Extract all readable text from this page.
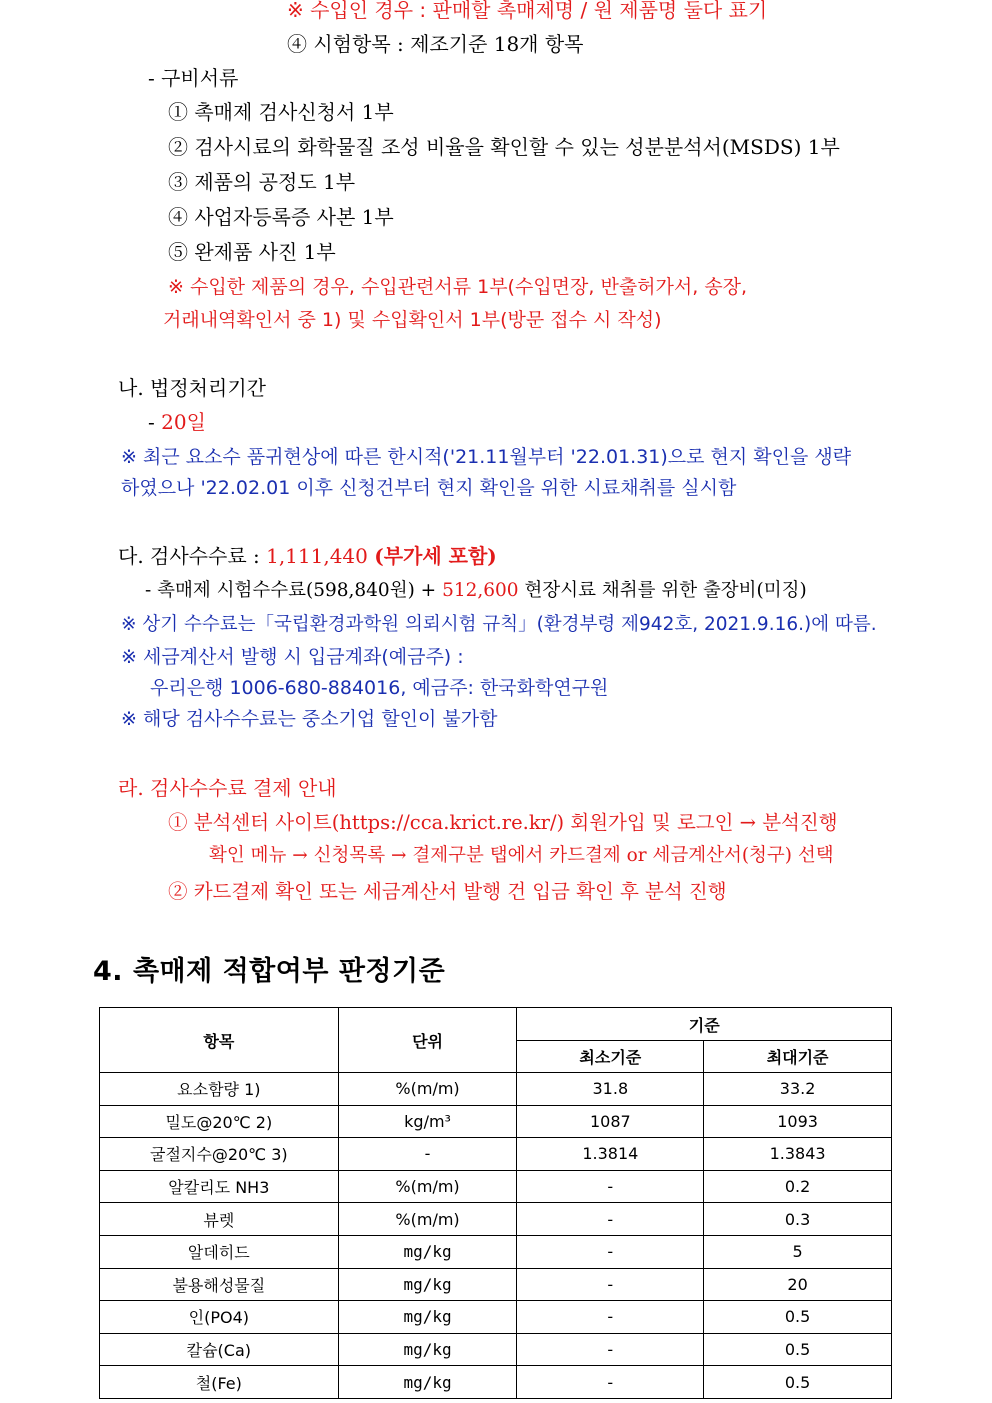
※ 수입인 경우 : 판매할 촉매제명 / 원 제품명 둘다 표기
④ 시험항목 : 제조기준 18개 항목
- 구비서류
① 촉매제 검사신청서 1부
② 검사시료의 화학물질 조성 비율을 확인할 수 있는 성분분석서(MSDS) 1부
③ 제품의 공정도 1부
④ 사업자등록증 사본 1부
⑤ 완제품 사진 1부
※ 수입한 제품의 경우, 수입관련서류 1부(수입면장, 반출허가서, 송장,
거래내역확인서 중 1) 및 수입확인서 1부(방문 접수 시 작성)
나. 법정처리기간
- 20일
※ 최근 요소수 품귀현상에 따른 한시적('21.11월부터 '22.01.31)으로 현지 확인을 생략
하였으나 '22.02.01 이후 신청건부터 현지 확인을 위한 시료채취를 실시함
다. 검사수수료 : 1,111,440 (부가세 포함)
- 촉매제 시험수수료(598,840원) + 512,600 현장시료 채취를 위한 출장비(미징)
※ 상기 수수료는「국립환경과학원 의뢰시험 규칙」(환경부령 제942호, 2021.9.16.)에 따름.
※ 세금계산서 발행 시 입금계좌(예금주) :
우리은행 1006-680-884016, 예금주: 한국화학연구원
※ 해당 검사수수료는 중소기업 할인이 불가함
라. 검사수수료 결제 안내
① 분석센터 사이트(https://cca.krict.re.kr/) 회원가입 및 로그인 → 분석진행
확인 메뉴 → 신청목록 → 결제구분 탭에서 카드결제 or 세금계산서(청구) 선택
② 카드결제 확인 또는 세금계산서 발행 건 입금 확인 후 분석 진행
4. 촉매제 적합여부 판정기준
항목	단위	기준	
		최소기준	최대기준
요소함량 1)	%(m/m)	31.8	33.2
밀도@20℃ 2)	kg/m³	1087	1093
굴절지수@20℃ 3)	-	1.3814	1.3843
알칼리도 NH3	%(m/m)	-	0.2
뷰렛	%(m/m)	-	0.3
알데히드	mg/kg	-	5
불용해성물질	mg/kg	-	20
인(PO4)	mg/kg	-	0.5
칼슘(Ca)	mg/kg	-	0.5
철(Fe)	mg/kg	-	0.5
